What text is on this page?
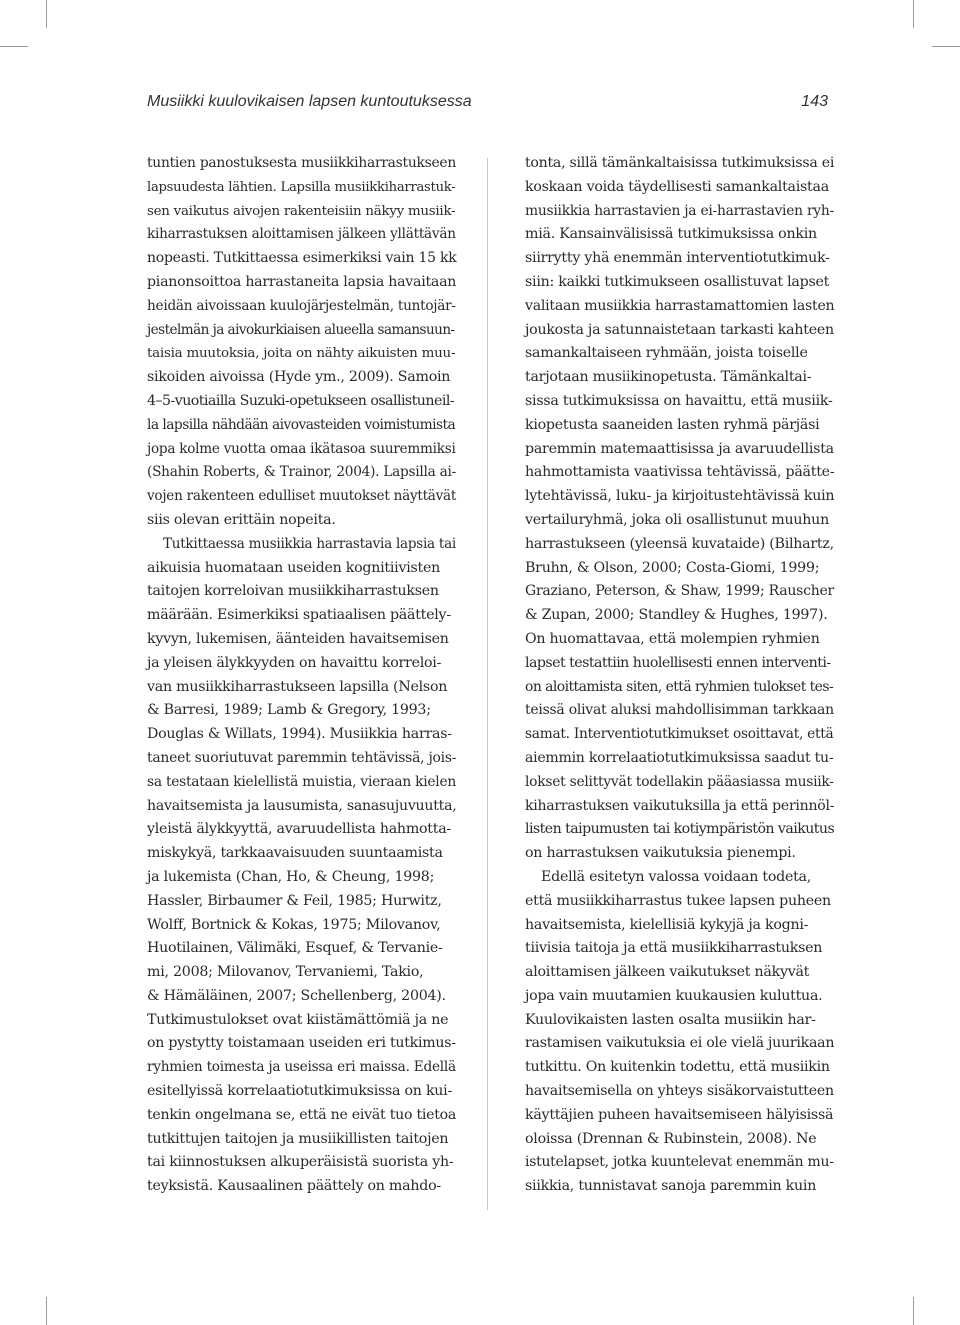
Musiikki kuulovikaisen lapsen kuntoutuksessa	143
tuntien panostuksesta musiikkiharrastukseen
lapsuudesta lähtien. Lapsilla musiikkiharrastuk-
sen vaikutus aivojen rakenteisiin näkyy musiik-
kiharrastuksen aloittamisen jälkeen yllättävän
nopeasti. Tutkittaessa esimerkiksi vain 15 kk
pianonsoittoa harrastaneita lapsia havaitaan
heidän aivoissaan kuulojärjestelmän, tuntojär-
jestelmän ja aivokurkiaisen alueella samansuun-
taisia muutoksia, joita on nähty aikuisten muu-
sikoiden aivoissa (Hyde ym., 2009). Samoin
4–5-vuotiailla Suzuki-opetukseen osallistuneil-
la lapsilla nähdään aivovasteiden voimistumista
jopa kolme vuotta omaa ikätasoa suuremmiksi
(Shahin Roberts, & Trainor, 2004). Lapsilla ai-
vojen rakenteen edulliset muutokset näyttävät
siis olevan erittäin nopeita.
Tutkittaessa musiikkia harrastavia lapsia tai
aikuisia huomataan useiden kognitiivisten
taitojen korreloivan musiikkiharrastuksen
määrään. Esimerkiksi spatiaalisen päättely-
kyvyn, lukemisen, äänteiden havaitsemisen
ja yleisen älykkyyden on havaittu korreloi-
van musiikkiharrastukseen lapsilla (Nelson
& Barresi, 1989; Lamb & Gregory, 1993;
Douglas & Willats, 1994). Musiikkia harras-
taneet suoriutuvat paremmin tehtävissä, jois-
sa testataan kielellistä muistia, vieraan kielen
havaitsemista ja lausumista, sanasujuvuutta,
yleistä älykkyyttä, avaruudellista hahmotta-
miskykyä, tarkkaavaisuuden suuntaamista
ja lukemista (Chan, Ho, & Cheung, 1998;
Hassler, Birbaumer & Feil, 1985; Hurwitz,
Wolff, Bortnick & Kokas, 1975; Milovanov,
Huotilainen, Välimäki, Esquef, & Tervanie-
mi, 2008; Milovanov, Tervaniemi, Takio,
& Hämäläinen, 2007; Schellenberg, 2004).
Tutkimustulokset ovat kiistämättömiä ja ne
on pystytty toistamaan useiden eri tutkimus-
ryhmien toimesta ja useissa eri maissa. Edellä
esitellyissä korrelaatiotutkimuksissa on kui-
tenkin ongelmana se, että ne eivät tuo tietoa
tutkittujen taitojen ja musiikillisten taitojen
tai kiinnostuksen alkuperäisistä suorista yh-
teyksistä. Kausaalinen päättely on mahdo-
tonta, sillä tämänkaltaisissa tutkimuksissa ei
koskaan voida täydellisesti samankaltaistaa
musiikkia harrastavien ja ei-harrastavien ryh-
miä. Kansainvälisissä tutkimuksissa onkin
siirrytty yhä enemmän interventiotutkimuk-
siin: kaikki tutkimukseen osallistuvat lapset
valitaan musiikkia harrastamattomien lasten
joukosta ja satunnaistetaan tarkasti kahteen
samankaltaiseen ryhmään, joista toiselle
tarjotaan musiikinopetusta. Tämänkaltai-
sissa tutkimuksissa on havaittu, että musiik-
kiopetusta saaneiden lasten ryhmä pärjäsi
paremmin matemaattisissa ja avaruudellista
hahmottamista vaativissa tehtävissä, päätte-
lytehtävissä, luku- ja kirjoitustehtävissä kuin
vertailuryhmä, joka oli osallistunut muuhun
harrastukseen (yleensä kuvataide) (Bilhartz,
Bruhn, & Olson, 2000; Costa-Giomi, 1999;
Graziano, Peterson, & Shaw, 1999; Rauscher
& Zupan, 2000; Standley & Hughes, 1997).
On huomattavaa, että molempien ryhmien
lapset testattiin huolellisesti ennen interventi-
on aloittamista siten, että ryhmien tulokset tes-
teissä olivat aluksi mahdollisimman tarkkaan
samat. Interventiotutkimukset osoittavat, että
aiemmin korrelaatiotutkimuksissa saadut tu-
lokset selittyvät todellakin pääasiassa musiik-
kiharrastuksen vaikutuksilla ja että perinnöl-
listen taipumusten tai kotiympäristön vaikutus
on harrastuksen vaikutuksia pienempi.
Edellä esitetyn valossa voidaan todeta,
että musiikkiharrastus tukee lapsen puheen
havaitsemista, kielellisiä kykyjä ja kogni-
tiivisia taitoja ja että musiikkiharrastuksen
aloittamisen jälkeen vaikutukset näkyvät
jopa vain muutamien kuukausien kuluttua.
Kuulovikaisten lasten osalta musiikin har-
rastamisen vaikutuksia ei ole vielä juurikaan
tutkittu. On kuitenkin todettu, että musiikin
havaitsemisella on yhteys sisäkorvaistutteen
käyttäjien puheen havaitsemiseen hälyisissä
oloissa (Drennan & Rubinstein, 2008). Ne
istutelapset, jotka kuuntelevat enemmän mu-
siikkia, tunnistavat sanoja paremmin kuin
